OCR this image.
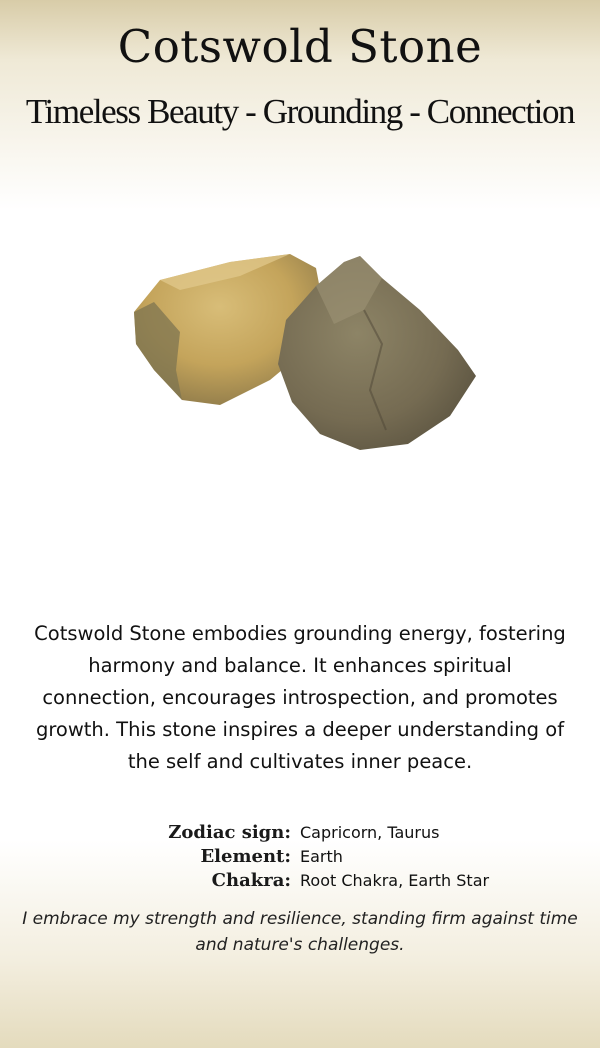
Cotswold Stone
Timeless Beauty - Grounding - Connection
Cotswold Stone embodies grounding energy, fostering harmony and balance. It enhances spiritual connection, encourages introspection, and promotes growth. This stone inspires a deeper understanding of the self and cultivates inner peace.
Zodiac sign: Capricorn, Taurus
Element: Earth
Chakra: Root Chakra, Earth Star
I embrace my strength and resilience, standing firm against time and nature's challenges.
